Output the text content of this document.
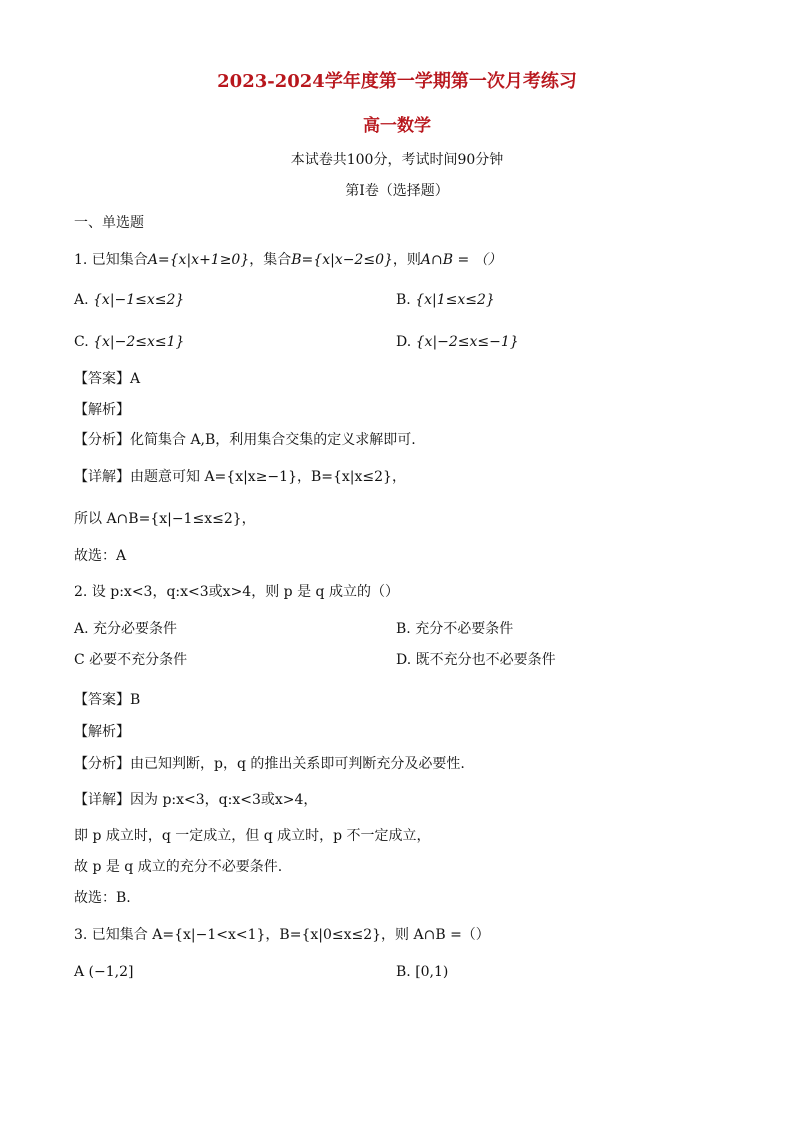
2023-2024学年度第一学期第一次月考练习
高一数学
本试卷共100分，考试时间90分钟
第I卷（选择题）
一、单选题
1. 已知集合A={x|x+1≥0}，集合B={x|x−2≤0}，则A∩B = （）
A. {x|−1≤x≤2}	B. {x|1≤x≤2}
C. {x|−2≤x≤1}	D. {x|−2≤x≤−1}
【答案】A
【解析】
【分析】化简集合 A,B，利用集合交集的定义求解即可.
【详解】由题意可知 A={x|x≥−1}，B={x|x≤2}，
所以 A∩B={x|−1≤x≤2}，
故选：A
2. 设 p:x<3，q:x<3或x>4，则 p 是 q 成立的（）
A. 充分必要条件	B. 充分不必要条件
C 必要不充分条件	D. 既不充分也不必要条件
【答案】B
【解析】
【分析】由已知判断，p，q 的推出关系即可判断充分及必要性.
【详解】因为 p:x<3，q:x<3或x>4，
即 p 成立时，q 一定成立，但 q 成立时，p 不一定成立，
故 p 是 q 成立的充分不必要条件.
故选：B.
3. 已知集合 A={x|−1<x<1}，B={x|0≤x≤2}，则 A∩B =（）
A (−1,2]	B. [0,1)
